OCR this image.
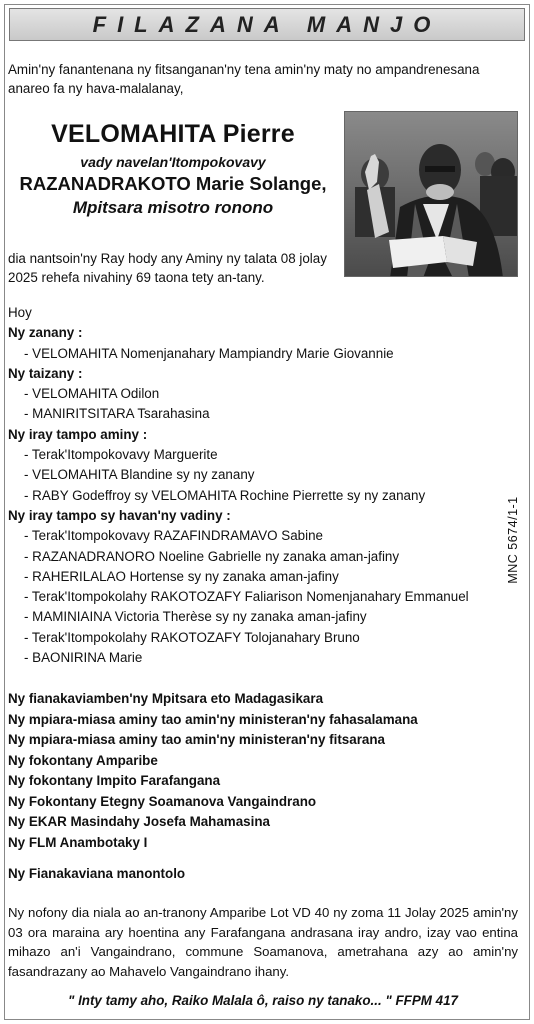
FILAZANA MANJO
Amin'ny fanantenana ny fitsanganan'ny tena amin'ny maty no ampandrenesana anareo fa ny hava-malalanay,
VELOMAHITA Pierre
vady navelan'Itompokovavy
RAZANADRAKOTO Marie Solange,
Mpitsara misotro ronono
dia nantsoin'ny Ray hody any Aminy ny talata 08 jolay 2025 rehefa nivahiny 69 taona tety an-tany.
Hoy
Ny zanany :
- VELOMAHITA Nomenjanahary Mampiandry Marie Giovannie
Ny taizany :
- VELOMAHITA Odilon
- MANIRITSITARA Tsarahasina
Ny iray tampo aminy :
- Terak'Itompokovavy Marguerite
- VELOMAHITA Blandine sy ny zanany
- RABY Godeffroy sy VELOMAHITA Rochine Pierrette sy ny zanany
Ny iray tampo sy havan'ny vadiny :
- Terak'Itompokovavy RAZAFINDRAMAVO Sabine
- RAZANADRANORO Noeline Gabrielle ny zanaka aman-jafiny
- RAHERILALAO Hortense sy ny zanaka aman-jafiny
- Terak'Itompokolahy RAKOTOZAFY Faliarison Nomenjanahary Emmanuel
- MAMINIAINA Victoria Therèse sy ny zanaka aman-jafiny
- Terak'Itompokolahy RAKOTOZAFY Tolojanahary Bruno
- BAONIRINA Marie
MNC 5674/1-1
Ny fianakaviamben'ny Mpitsara eto Madagasikara
Ny mpiara-miasa aminy tao amin'ny ministeran'ny fahasalamana
Ny mpiara-miasa aminy tao amin'ny ministeran'ny fitsarana
Ny fokontany Amparibe
Ny fokontany Impito Farafangana
Ny Fokontany Etegny Soamanova Vangaindrano
Ny EKAR Masindahy Josefa Mahamasina
Ny FLM Anambotaky I
Ny Fianakaviana manontolo
Ny nofony dia niala ao an-tranony Amparibe Lot VD 40 ny zoma 11 Jolay 2025 amin'ny 03 ora maraina ary hoentina any Farafangana andrasana iray andro, izay vao entina mihazo an'i Vangaindrano, commune Soamanova, ametrahana azy ao amin'ny fasandrazany ao Mahavelo Vangaindrano ihany.
" Inty tamy aho, Raiko Malala ô, raiso ny tanako... " FFPM 417
